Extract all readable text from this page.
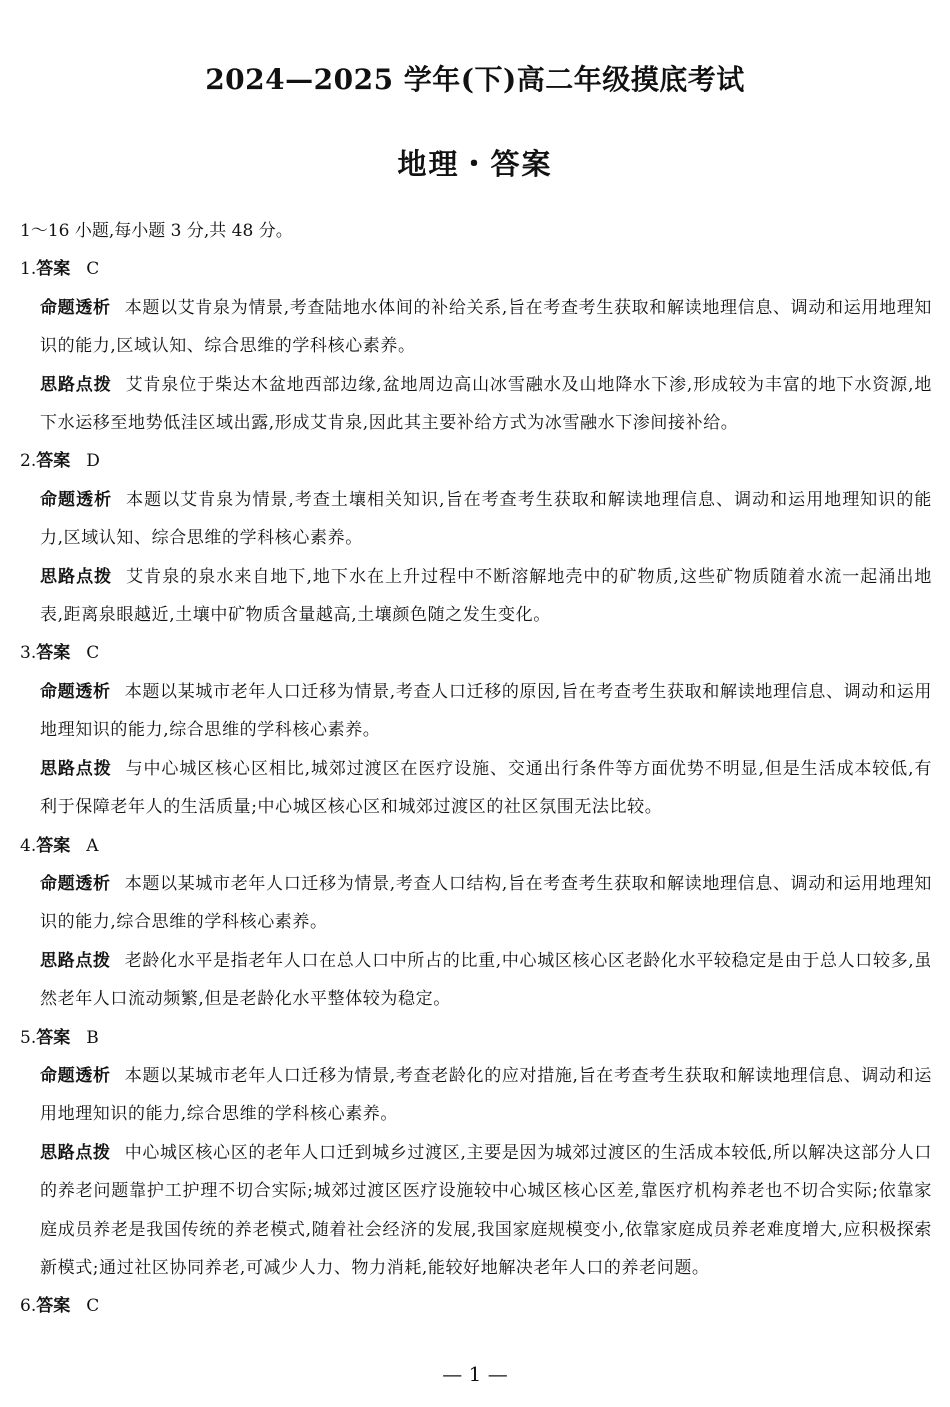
2024—2025 学年(下)高二年级摸底考试
地理・答案
1～16 小题,每小题 3 分,共 48 分。
1.答案 C
命题透析 本题以艾肯泉为情景,考查陆地水体间的补给关系,旨在考查考生获取和解读地理信息、调动和运用地理知识的能力,区域认知、综合思维的学科核心素养。
思路点拨 艾肯泉位于柴达木盆地西部边缘,盆地周边高山冰雪融水及山地降水下渗,形成较为丰富的地下水资源,地下水运移至地势低洼区域出露,形成艾肯泉,因此其主要补给方式为冰雪融水下渗间接补给。
2.答案 D
命题透析 本题以艾肯泉为情景,考查土壤相关知识,旨在考查考生获取和解读地理信息、调动和运用地理知识的能力,区域认知、综合思维的学科核心素养。
思路点拨 艾肯泉的泉水来自地下,地下水在上升过程中不断溶解地壳中的矿物质,这些矿物质随着水流一起涌出地表,距离泉眼越近,土壤中矿物质含量越高,土壤颜色随之发生变化。
3.答案 C
命题透析 本题以某城市老年人口迁移为情景,考查人口迁移的原因,旨在考查考生获取和解读地理信息、调动和运用地理知识的能力,综合思维的学科核心素养。
思路点拨 与中心城区核心区相比,城郊过渡区在医疗设施、交通出行条件等方面优势不明显,但是生活成本较低,有利于保障老年人的生活质量;中心城区核心区和城郊过渡区的社区氛围无法比较。
4.答案 A
命题透析 本题以某城市老年人口迁移为情景,考查人口结构,旨在考查考生获取和解读地理信息、调动和运用地理知识的能力,综合思维的学科核心素养。
思路点拨 老龄化水平是指老年人口在总人口中所占的比重,中心城区核心区老龄化水平较稳定是由于总人口较多,虽然老年人口流动频繁,但是老龄化水平整体较为稳定。
5.答案 B
命题透析 本题以某城市老年人口迁移为情景,考查老龄化的应对措施,旨在考查考生获取和解读地理信息、调动和运用地理知识的能力,综合思维的学科核心素养。
思路点拨 中心城区核心区的老年人口迁到城乡过渡区,主要是因为城郊过渡区的生活成本较低,所以解决这部分人口的养老问题靠护工护理不切合实际;城郊过渡区医疗设施较中心城区核心区差,靠医疗机构养老也不切合实际;依靠家庭成员养老是我国传统的养老模式,随着社会经济的发展,我国家庭规模变小,依靠家庭成员养老难度增大,应积极探索新模式;通过社区协同养老,可减少人力、物力消耗,能较好地解决老年人口的养老问题。
6.答案 C
— 1 —
